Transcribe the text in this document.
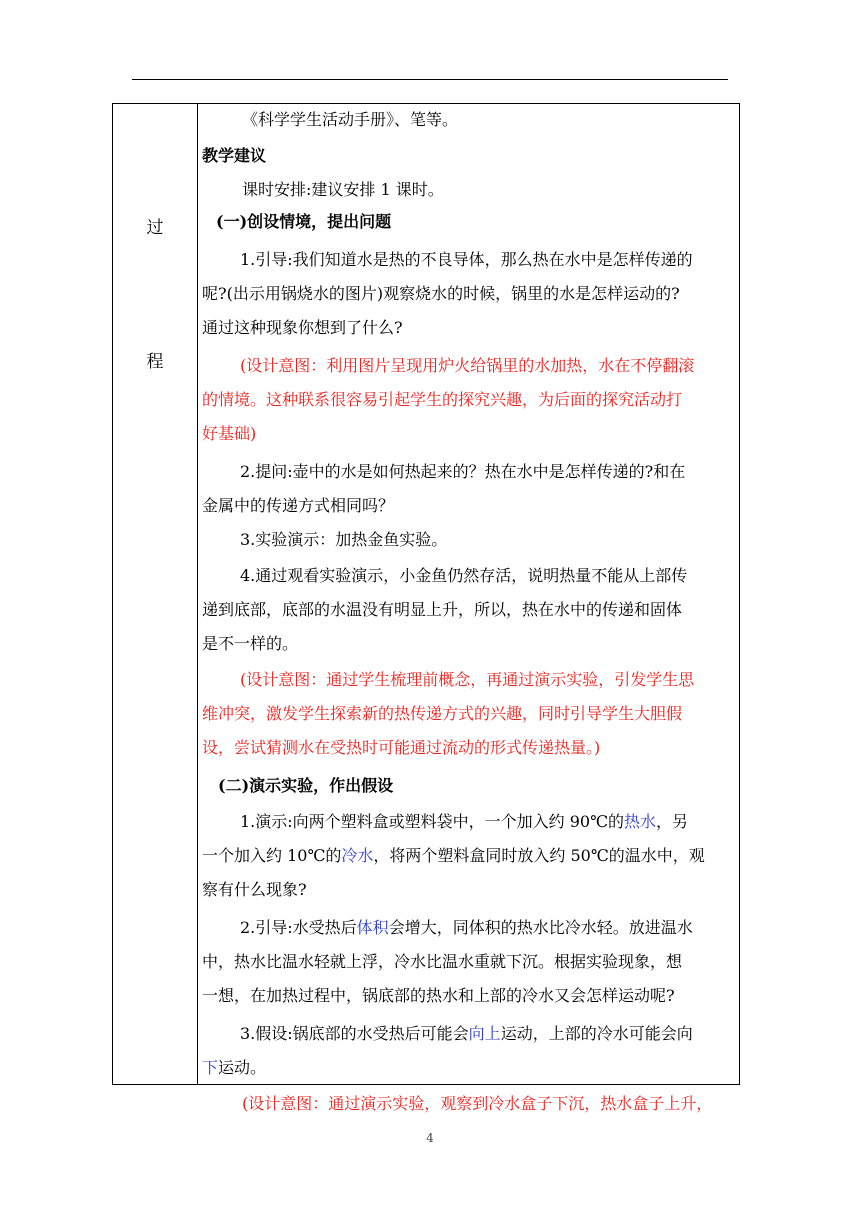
过
程
《科学学生活动手册》、笔等。
教学建议
课时安排:建议安排 1 课时。
(一)创设情境，提出问题
1.引导:我们知道水是热的不良导体，那么热在水中是怎样传递的
呢?(出示用锅烧水的图片)观察烧水的时候，锅里的水是怎样运动的?
通过这种现象你想到了什么?
(设计意图：利用图片呈现用炉火给锅里的水加热，水在不停翻滚
的情境。这种联系很容易引起学生的探究兴趣，为后面的探究活动打
好基础)
2.提问:壶中的水是如何热起来的？热在水中是怎样传递的?和在
金属中的传递方式相同吗？
3.实验演示：加热金鱼实验。
4.通过观看实验演示，小金鱼仍然存活，说明热量不能从上部传
递到底部，底部的水温没有明显上升，所以，热在水中的传递和固体
是不一样的。
(设计意图：通过学生梳理前概念，再通过演示实验，引发学生思
维冲突，激发学生探索新的热传递方式的兴趣，同时引导学生大胆假
设，尝试猜测水在受热时可能通过流动的形式传递热量。)
(二)演示实验，作出假设
1.演示:向两个塑料盒或塑料袋中，一个加入约 90℃的热水，另
一个加入约 10℃的冷水，将两个塑料盒同时放入约 50℃的温水中，观
察有什么现象?
2.引导:水受热后体积会增大，同体积的热水比冷水轻。放进温水
中，热水比温水轻就上浮，冷水比温水重就下沉。根据实验现象，想
一想，在加热过程中，锅底部的热水和上部的冷水又会怎样运动呢?
3.假设:锅底部的水受热后可能会向上运动，上部的冷水可能会向
下运动。
(设计意图：通过演示实验，观察到冷水盒子下沉，热水盒子上升，
4
